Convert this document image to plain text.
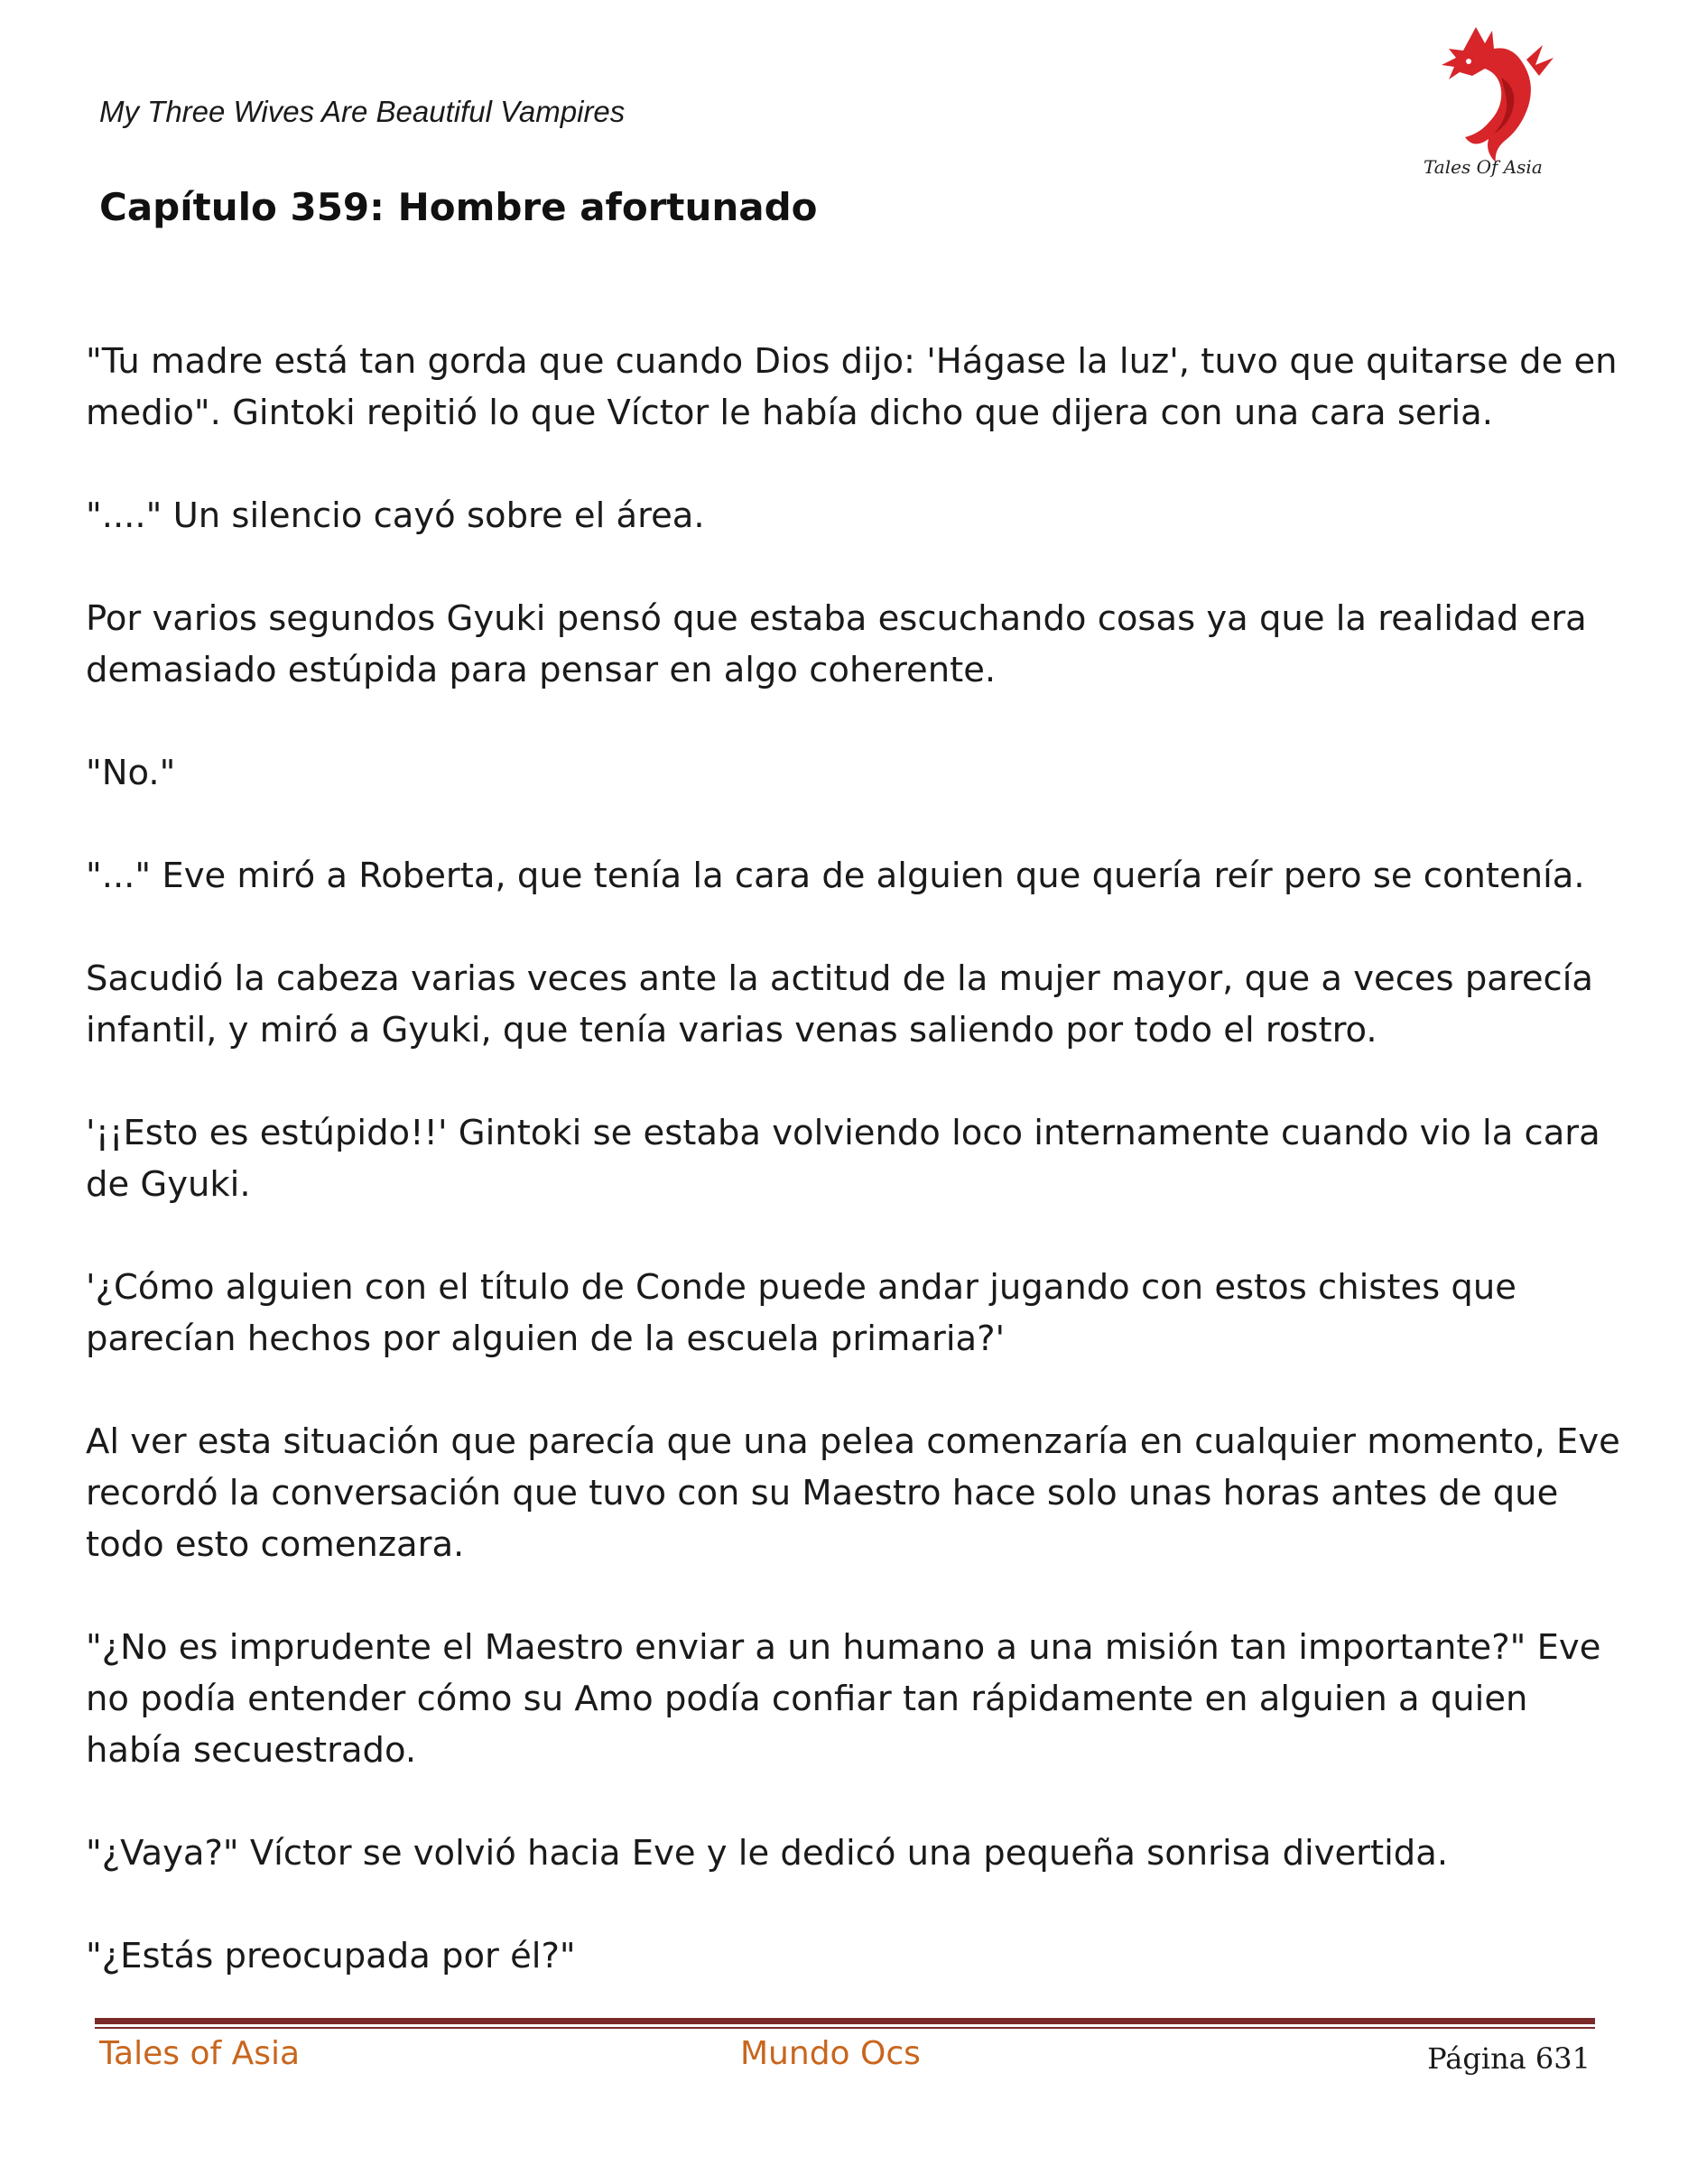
My Three Wives Are Beautiful Vampires
Tales Of Asia
Capítulo 359: Hombre afortunado

"Tu madre está tan gorda que cuando Dios dijo: 'Hágase la luz', tuvo que quitarse de en medio". Gintoki repitió lo que Víctor le había dicho que dijera con una cara seria.

"...." Un silencio cayó sobre el área.

Por varios segundos Gyuki pensó que estaba escuchando cosas ya que la realidad era demasiado estúpida para pensar en algo coherente.

"No."

"..." Eve miró a Roberta, que tenía la cara de alguien que quería reír pero se contenía.

Sacudió la cabeza varias veces ante la actitud de la mujer mayor, que a veces parecía infantil, y miró a Gyuki, que tenía varias venas saliendo por todo el rostro.

'¡¡Esto es estúpido!!' Gintoki se estaba volviendo loco internamente cuando vio la cara de Gyuki.

'¿Cómo alguien con el título de Conde puede andar jugando con estos chistes que parecían hechos por alguien de la escuela primaria?'

Al ver esta situación que parecía que una pelea comenzaría en cualquier momento, Eve recordó la conversación que tuvo con su Maestro hace solo unas horas antes de que todo esto comenzara.

"¿No es imprudente el Maestro enviar a un humano a una misión tan importante?" Eve no podía entender cómo su Amo podía confiar tan rápidamente en alguien a quien había secuestrado.

"¿Vaya?" Víctor se volvió hacia Eve y le dedicó una pequeña sonrisa divertida.

"¿Estás preocupada por él?"

Tales of Asia	Mundo Ocs	Página 631
